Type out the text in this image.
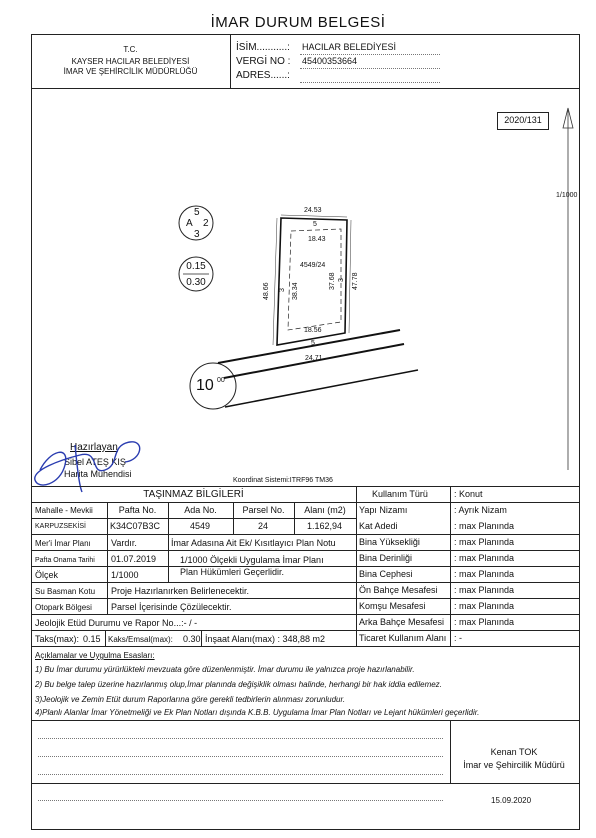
İMAR DURUM BELGESİ
T.C.
KAYSER HACILAR BELEDİYESİ
İMAR VE ŞEHİRCİLİK MÜDÜRLÜĞÜ
İSİM...........: HACILAR BELEDİYESİ
VERGİ NO : 45400353664
ADRES......:
2020/131
1/1000
A
5
2
3
0.15
0.30
10 00
24.53
5
18.43
4549/24
48.66 3 38.34
37.68 3 47.78
18.56
5
24.71
Hazırlayan
Sibel ATEŞ KIŞ
Harita Mühendisi
Koordinat Sistemi:ITRF96 TM36
TAŞINMAZ BİLGİLERİ
Mahalle - Mevkii	Pafta No.	Ada No.	Parsel No.	Alanı (m2)
KARPUZSEKİSİ	K34C07B3C	4549	24	1.162,94
Mer'i İmar Planı Vardır.	İmar Adasına Ait Ek/ Kısıtlayıcı Plan Notu
Pafta Onama Tarihi 01.07.2019	1/1000 Ölçekli Uygulama İmar Planı
Plan Hükümleri Geçerlidir.
Ölçek	1/1000
Su Basman Kotu Proje Hazırlanırken Belirlenecektir.
Otopark Bölgesi Parsel İçerisinde Çözülecektir.
Jeolojik Etüd Durumu ve Rapor No...:- / -
Taks(max): 0.15 Kaks/Emsal(max): 0.30 İnşaat Alanı(max) : 348,88 m2
Kullanım Türü	: Konut
Yapı Nizamı	: Ayrık Nizam
Kat Adedi	: max Planında
Bina Yüksekliği	: max Planında
Bina Derinliği	: max Planında
Bina Cephesi	: max Planında
Ön Bahçe Mesafesi : max Planında
Komşu Mesafesi	: max Planında
Arka Bahçe Mesafesi : max Planında
Ticaret Kullanım Alanı : -
Açıklamalar ve Uygulma Esasları:
1) Bu İmar durumu yürürlükteki mevzuata göre düzenlenmiştir. İmar durumu ile yalnızca proje hazırlanabilir.
2) Bu belge talep üzerine hazırlanmış olup,İmar planında değişiklik olması halinde, herhangi bir hak iddia edilemez.
3)Jeolojik ve Zemin Etüt durum Raporlarına göre gerekli tedbirlerin alınması zorunludur.
4)Planlı Alanlar İmar Yönetmeliği ve Ek Plan Notları dışında K.B.B. Uygulama İmar Plan Notları ve Lejant hükümleri geçerlidir.
Kenan TOK
İmar ve Şehircilik Müdürü
15.09.2020
